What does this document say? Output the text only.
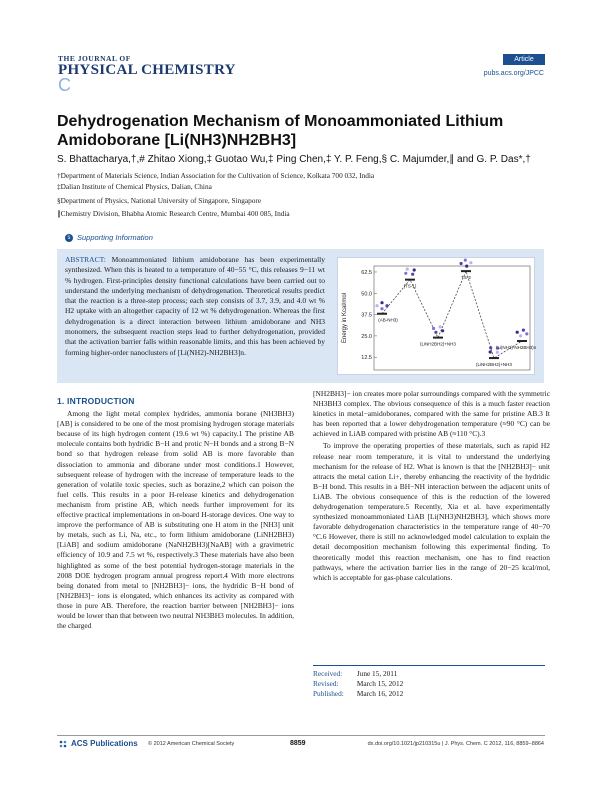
THE JOURNAL OF
PHYSICAL CHEMISTRY C
Article
pubs.acs.org/JPCC
Dehydrogenation Mechanism of Monoammoniated Lithium Amidoborane [Li(NH3)NH2BH3]
S. Bhattacharya,†,# Zhitao Xiong,‡ Guotao Wu,‡ Ping Chen,‡ Y. P. Feng,§ C. Majumder,∥ and G. P. Das*,†
†Department of Materials Science, Indian Association for the Cultivation of Science, Kolkata 700 032, India
‡Dalian Institute of Chemical Physics, Dalian, China
§Department of Physics, National University of Singapore, Singapore
∥Chemistry Division, Bhabha Atomic Research Centre, Mumbai 400 085, India
s Supporting Information
ABSTRACT: Monoammoniated lithium amidoborane has been experimentally synthesized. When this is heated to a temperature of 40−55 °C, this releases 9−11 wt % hydrogen. First-principles density functional calculations have been carried out to understand the underlying mechanism of dehydrogenation. Theoretical results predict that the reaction is a three-step process; each step consists of 3.7, 3.9, and 4.0 wt % H2 uptake with an altogether capacity of 12 wt % dehydrogenation. Whereas the first dehydrogenation is a direct interaction between lithium amidoborane and NH3 monomers, the subsequent reaction steps lead to further dehydrogenation, provided that the activation barrier falls within reasonable limits, and this has been achieved by forming higher-order nanoclusters of [Li(NH2)-NH2BH3]n.
Energy in Kcal/mol
12.5
25.0
37.5
50.0
62.5
(AB-NH3)
(TS-1)
(LiNH2BH2)+NH3
TS-2
(LiNH2BH2)+NH3
(Li(NH2)-NH2BH3)n
1. INTRODUCTION
Among the light metal complex hydrides, ammonia borane (NH3BH3) [AB] is considered to be one of the most promising hydrogen storage materials because of its high hydrogen content (19.6 wt %) capacity.1 The pristine AB molecule contains both hydridic B−H and protic N−H bonds and a strong B−N bond so that hydrogen release from solid AB is more favorable than dissociation to ammonia and diborane under most conditions.1 However, subsequent release of hydrogen with the increase of temperature leads to the generation of volatile toxic species, such as borazine,2 which can poison the fuel cells. This results in a poor H-release kinetics and dehydrogenation mechanism from pristine AB, which needs further improvement for its effective practical implementations in on-board H-storage devices. One way to improve the performance of AB is substituting one H atom in the [NH3] unit by metals, such as Li, Na, etc., to form lithium amidoborane (LiNH2BH3)[LiAB] and sodium amidoborane (NaNH2BH3)[NaAB] with a gravimetric efficiency of 10.9 and 7.5 wt %, respectively.3 These materials have also been highlighted as some of the best potential hydrogen-storage materials in the 2008 DOE hydrogen program annual progress report.4 With more electrons being donated from metal to [NH2BH3]− ions, the hydridic B−H bond of [NH2BH3]− ions is elongated, which enhances its activity as compared with those in pure AB. Therefore, the reaction barrier between [NH2BH3]− ions would be lower than that between two neutral NH3BH3 molecules. In addition, the charged
[NH2BH3]− ion creates more polar surroundings compared with the symmetric NH3BH3 complex. The obvious consequence of this is a much faster reaction kinetics in metal−amidoboranes, compared with the same for pristine AB.3 It has been reported that a lower dehydrogenation temperature (≈90 °C) can be achieved in LiAB compared with pristine AB (≈110 °C).3
To improve the operating properties of these materials, such as rapid H2 release near room temperature, it is vital to understand the underlying mechanism for the release of H2. What is known is that the [NH2BH3]− unit attracts the metal cation Li+, thereby enhancing the reactivity of the hydridic B−H bond. This results in a BH−NH interaction between the adjacent units of LiAB. The obvious consequence of this is the reduction of the lowered dehydrogenation temperature.5 Recently, Xia et al. have experimentally synthesized monoammoniated LiAB [Li(NH3)NH2BH3], which shows more favorable dehydrogenation characteristics in the temperature range of 40−70 °C.6 However, there is still no acknowledged model calculation to explain the detail decomposition mechanism following this experimental finding. To theoretically model this reaction mechanism, one has to find reaction pathways, where the activation barrier lies in the range of 20−25 kcal/mol, which is acceptable for gas-phase calculations.
Received: June 15, 2011
Revised:	March 15, 2012
Published: March 16, 2012
ACS Publications © 2012 American Chemical Society	8859	dx.doi.org/10.1021/jp210315u | J. Phys. Chem. C 2012, 116, 8859−8864
